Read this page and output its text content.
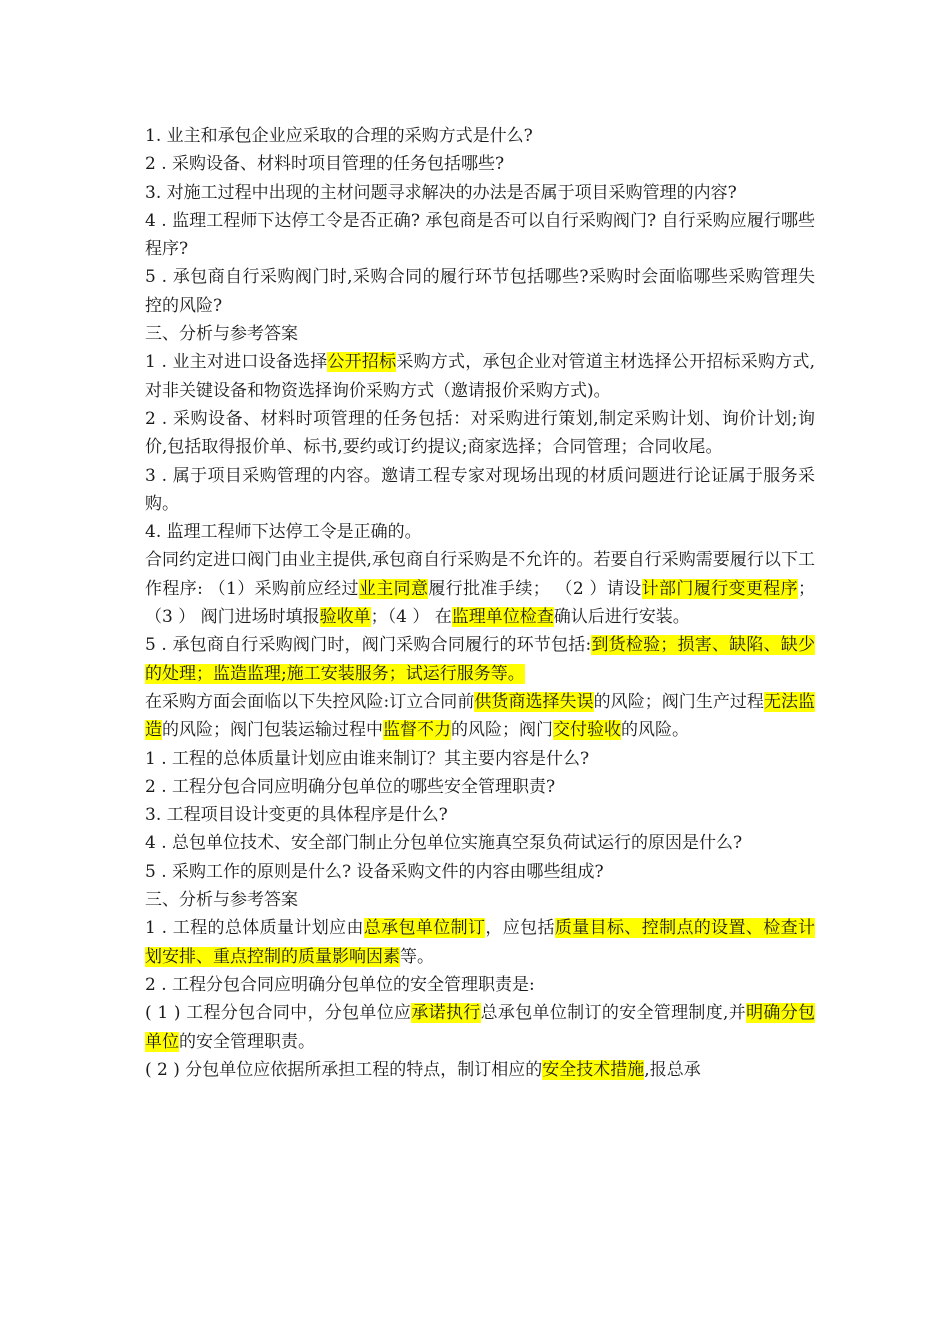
1. 业主和承包企业应采取的合理的采购方式是什么?

2 . 采购设备、材料时项目管理的任务包括哪些?

3. 对施工过程中出现的主材问题寻求解决的办法是否属于项目采购管理的内容?

4 . 监理工程师下达停工令是否正确? 承包商是否可以自行采购阀门? 自行采购应履行哪些程序?

5 . 承包商自行采购阀门时,采购合同的履行环节包括哪些?采购时会面临哪些采购管理失控的风险?

三、分析与参考答案

1 . 业主对进口设备选择公开招标采购方式，承包企业对管道主材选择公开招标采购方式,对非关键设备和物资选择询价采购方式（邀请报价采购方式)。

2 . 采购设备、材料时项管理的任务包括：对采购进行策划,制定采购计划、询价计划;询价,包括取得报价单、标书,要约或订约提议;商家选择；合同管理；合同收尾。

3 . 属于项目采购管理的内容。邀请工程专家对现场出现的材质问题进行论证属于服务采购。

4. 监理工程师下达停工令是正确的。

合同约定进口阀门由业主提供,承包商自行采购是不允许的。若要自行采购需要履行以下工作程序: （1）采购前应经过业主同意履行批准手续； （2 ）请设计部门履行变更程序；（3 ） 阀门进场时填报验收单；（4 ） 在监理单位检查确认后进行安装。

5 . 承包商自行采购阀门时，阀门采购合同履行的环节包括:到货检验；损害、缺陷、缺少的处理；监造监理;施工安装服务；试运行服务等。

在采购方面会面临以下失控风险:订立合同前供货商选择失误的风险；阀门生产过程无法监造的风险；阀门包装运输过程中监督不力的风险；阀门交付验收的风险。

1 . 工程的总体质量计划应由谁来制订？其主要内容是什么?

2 . 工程分包合同应明确分包单位的哪些安全管理职责?

3. 工程项目设计变更的具体程序是什么?

4 . 总包单位技术、安全部门制止分包单位实施真空泵负荷试运行的原因是什么?

5 . 采购工作的原则是什么? 设备采购文件的内容由哪些组成?

三、分析与参考答案

1 . 工程的总体质量计划应由总承包单位制订，应包括质量目标、控制点的设置、检查计划安排、重点控制的质量影响因素等。

2 . 工程分包合同应明确分包单位的安全管理职责是:

( 1 ) 工程分包合同中，分包单位应承诺执行总承包单位制订的安全管理制度,并明确分包单位的安全管理职责。

( 2 ) 分包单位应依据所承担工程的特点，制订相应的安全技术措施,报总承
